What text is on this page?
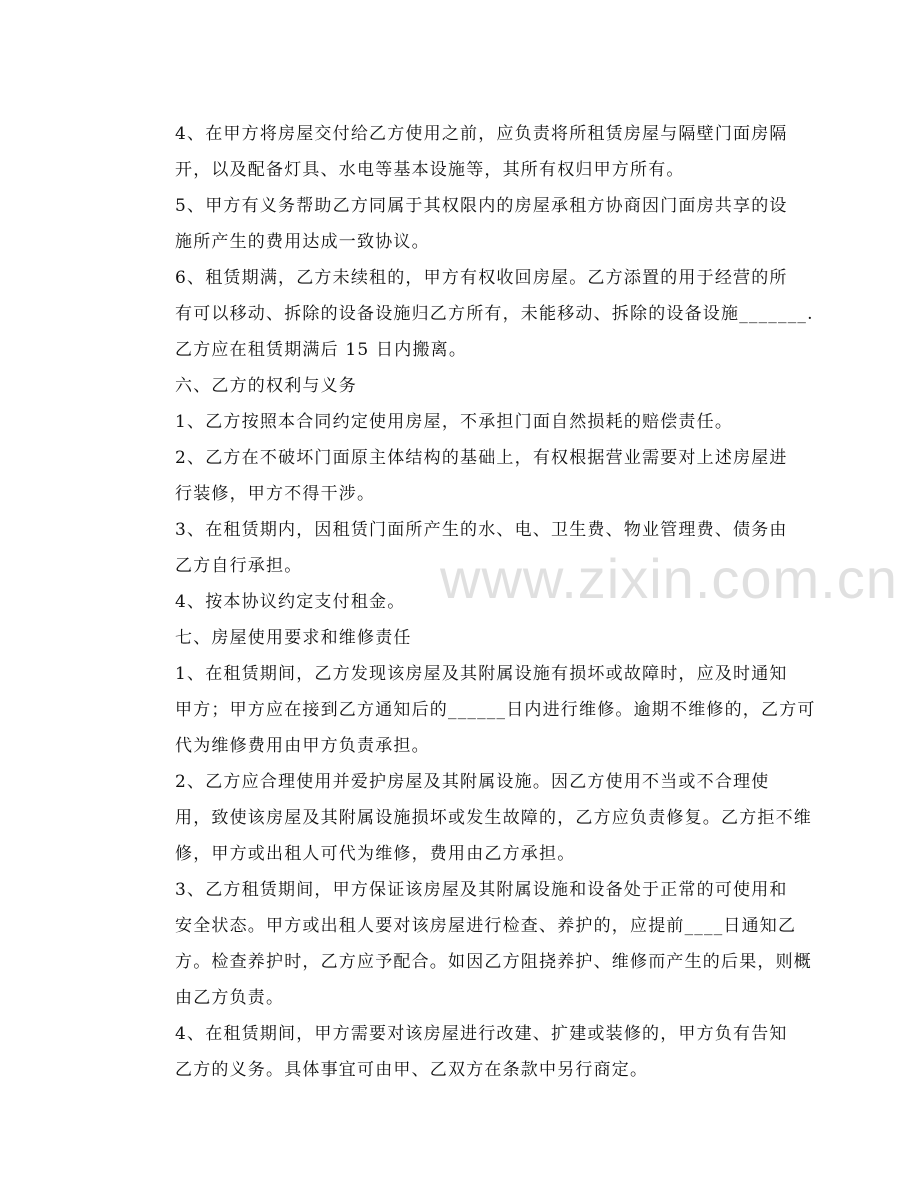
4、在甲方将房屋交付给乙方使用之前，应负责将所租赁房屋与隔壁门面房隔
开，以及配备灯具、水电等基本设施等，其所有权归甲方所有。

5、甲方有义务帮助乙方同属于其权限内的房屋承租方协商因门面房共享的设
施所产生的费用达成一致协议。

6、租赁期满，乙方未续租的，甲方有权收回房屋。乙方添置的用于经营的所
有可以移动、拆除的设备设施归乙方所有，未能移动、拆除的设备设施_______.
乙方应在租赁期满后 15 日内搬离。

六、乙方的权利与义务

1、乙方按照本合同约定使用房屋，不承担门面自然损耗的赔偿责任。

2、乙方在不破坏门面原主体结构的基础上，有权根据营业需要对上述房屋进
行装修，甲方不得干涉。

3、在租赁期内，因租赁门面所产生的水、电、卫生费、物业管理费、债务由
乙方自行承担。

4、按本协议约定支付租金。

七、房屋使用要求和维修责任

1、在租赁期间，乙方发现该房屋及其附属设施有损坏或故障时，应及时通知
甲方；甲方应在接到乙方通知后的______日内进行维修。逾期不维修的，乙方可
代为维修费用由甲方负责承担。

2、乙方应合理使用并爱护房屋及其附属设施。因乙方使用不当或不合理使
用，致使该房屋及其附属设施损坏或发生故障的，乙方应负责修复。乙方拒不维
修，甲方或出租人可代为维修，费用由乙方承担。

3、乙方租赁期间，甲方保证该房屋及其附属设施和设备处于正常的可使用和
安全状态。甲方或出租人要对该房屋进行检查、养护的，应提前____日通知乙
方。检查养护时，乙方应予配合。如因乙方阻挠养护、维修而产生的后果，则概
由乙方负责。

4、在租赁期间，甲方需要对该房屋进行改建、扩建或装修的，甲方负有告知
乙方的义务。具体事宜可由甲、乙双方在条款中另行商定。

www.zixin.com.cn
